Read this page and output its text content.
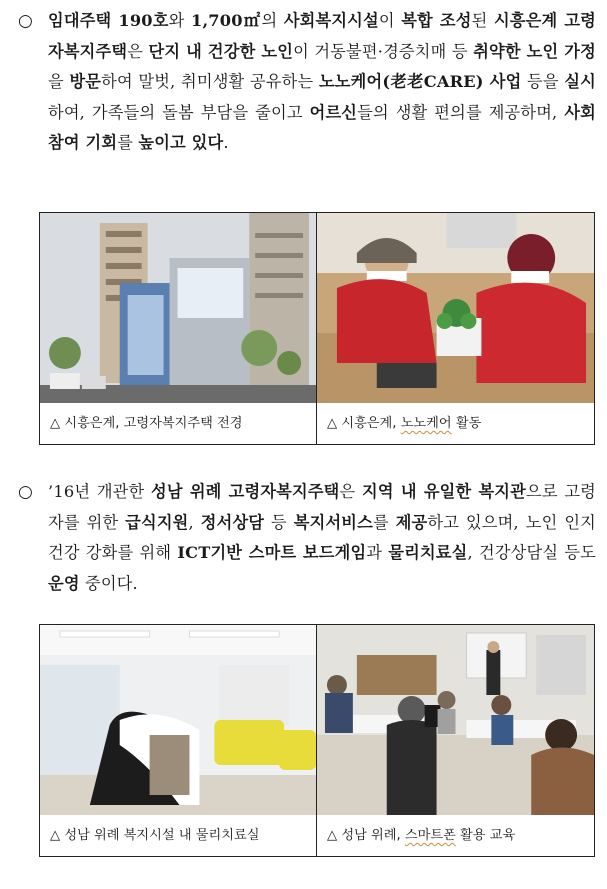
○ 임대주택 190호와 1,700㎡의 사회복지시설이 복합 조성된 시흥은계 고령자복지주택은 단지 내 건강한 노인이 거동불편·경증치매 등 취약한 노인 가정을 방문하여 말벗, 취미생활 공유하는 노노케어(老老CARE) 사업 등을 실시하여, 가족들의 돌봄 부담을 줄이고 어르신들의 생활 편의를 제공하며, 사회참여 기회를 높이고 있다.
△ 시흥은계, 고령자복지주택 전경	△ 시흥은계, 노노케어 활동
○ ’16년 개관한 성남 위례 고령자복지주택은 지역 내 유일한 복지관으로 고령자를 위한 급식지원, 정서상담 등 복지서비스를 제공하고 있으며, 노인 인지건강 강화를 위해 ICT기반 스마트 보드게임과 물리치료실, 건강상담실 등도 운영 중이다.
△ 성남 위례 복지시설 내 물리치료실	△ 성남 위례, 스마트폰 활용 교육
